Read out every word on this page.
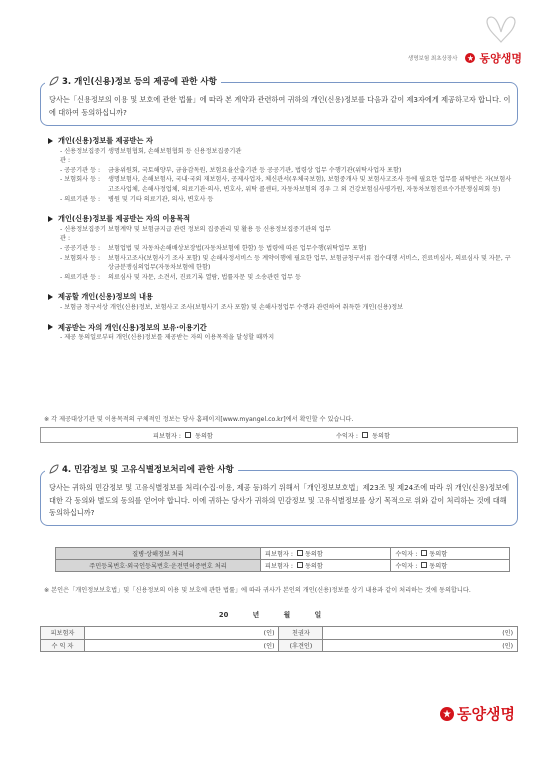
생명보험 최초상장사 동양생명
3. 개인(신용)정보 등의 제공에 관한 사항

당사는「신용정보의 이용 및 보호에 관한 법률」에 따라 본 계약과 관련하여 귀하의 개인(신용)정보를 다음과 같이 제3자에게 제공하고자 합니다. 이에 대하여 동의하십니까?

개인(신용)정보를 제공받는 자
- 신용정보집중기관 :
생명보험협회, 손해보험협회 등 신용정보집중기관
- 공공기관 등 :	금융위원회, 국토해양부, 금융감독원, 보험요율산출기관 등 공공기관, 법령상 업무 수행기관(위탁사업자 포함)
- 보험회사 등 :	생명보험사, 손해보험사, 국내·국외 재보험사, 공제사업자, 체신관서(우체국보험), 보험중개사 및 보험사고조사 등에 필요한 업무를 위탁받은 자(보험사고조사업체, 손해사정업체, 의료기관·의사, 변호사, 위탁 콜센터, 자동차보험의 경우 그 외 건강보험심사평가원, 자동차보험진료수가분쟁심의회 등)
- 의료기관 등 :	병원 및 기타 의료기관, 의사, 변호사 등
개인(신용)정보를 제공받는 자의 이용목적
- 신용정보집중기관 :
보험계약 및 보험금지급 관련 정보의 집중관리 및 활용 등 신용정보집중기관의 업무
- 공공기관 등 :	보험업법 및 자동차손해배상보장법(자동차보험에 한함) 등 법령에 따른 업무수행(위탁업무 포함)
- 보험회사 등 :	보험사고조사(보험사기 조사 포함) 및 손해사정서비스 등 계약이행에 필요한 업무, 보험금청구서류 접수대행 서비스, 진료비심사, 의료심사 및 자문, 구상금분쟁심의업무(자동차보험에 한함)
- 의료기관 등 :	의료심사 및 자문, 소견서, 진료기록 열람, 법률자문 및 소송관련 업무 등
제공할 개인(신용)정보의 내용
- 보험금 청구서상 개인(신용)정보, 보험사고 조사(보험사기 조사 포함) 및 손해사정업무 수행과 관련하여 취득한 개인(신용)정보
제공받는 자의 개인(신용)정보의 보유·이용기간
- 제공 동의일로부터 개인(신용)정보를 제공받는 자의 이용목적을 달성할 때까지
※ 각 제공대상기관 및 이용목적의 구체적인 정보는 당사 홈페이지[www.myangel.co.kr]에서 확인할 수 있습니다.
피보험자 : 동의함	수익자 : 동의함
4. 민감정보 및 고유식별정보처리에 관한 사항

당사는 귀하의 민감정보 및 고유식별정보를 처리(수집·이용, 제공 등)하기 위해서「개인정보보호법」제23조 및 제24조에 따라 위 개인(신용)정보에 대한 각 동의와 별도의 동의를 얻어야 합니다. 이에 귀하는 당사가 귀하의 민감정보 및 고유식별정보를 상기 목적으로 위와 같이 처리하는 것에 대해 동의하십니까?

질병·상해정보 처리	피보험자 : 동의함	수익자 : 동의함
주민등록번호·외국인등록번호·운전면허증번호 처리	피보험자 : 동의함	수익자 : 동의함
※ 본인은「개인정보보호법」및「신용정보의 이용 및 보호에 관한 법률」에 따라 귀사가 본인의 개인(신용)정보를 상기 내용과 같이 처리하는 것에 동의합니다.
20 년	월	일
피보험자	(인)	친권자	(인)
수 익 자	(인)	(후견인)	(인)
동양생명
